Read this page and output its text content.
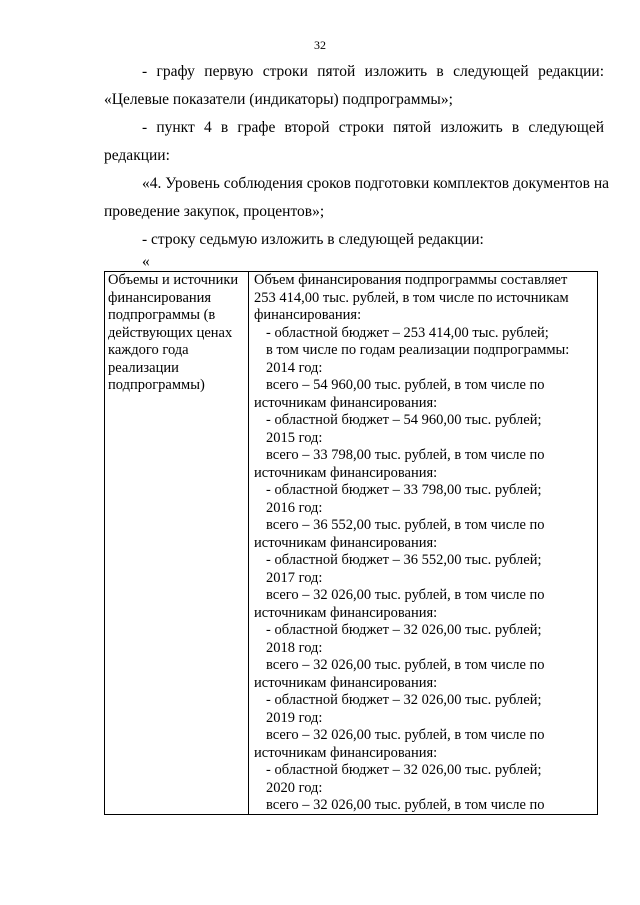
32
- графу первую строки пятой изложить в следующей редакции:
«Целевые показатели (индикаторы) подпрограммы»;
- пункт 4 в графе второй строки пятой изложить в следующей
редакции:
«4. Уровень соблюдения сроков подготовки комплектов документов на
проведение закупок, процентов»;
- строку седьмую изложить в следующей редакции:
«
Объемы и источники
финансирования
подпрограммы (в
действующих ценах
каждого года
реализации
подпрограммы)
Объем финансирования подпрограммы составляет
253 414,00 тыс. рублей, в том числе по источникам
финансирования:
- областной бюджет – 253 414,00 тыс. рублей;
в том числе по годам реализации подпрограммы:
2014 год:
всего – 54 960,00 тыс. рублей, в том числе по
источникам финансирования:
- областной бюджет – 54 960,00 тыс. рублей;
2015 год:
всего – 33 798,00 тыс. рублей, в том числе по
источникам финансирования:
- областной бюджет – 33 798,00 тыс. рублей;
2016 год:
всего – 36 552,00 тыс. рублей, в том числе по
источникам финансирования:
- областной бюджет – 36 552,00 тыс. рублей;
2017 год:
всего – 32 026,00 тыс. рублей, в том числе по
источникам финансирования:
- областной бюджет – 32 026,00 тыс. рублей;
2018 год:
всего – 32 026,00 тыс. рублей, в том числе по
источникам финансирования:
- областной бюджет – 32 026,00 тыс. рублей;
2019 год:
всего – 32 026,00 тыс. рублей, в том числе по
источникам финансирования:
- областной бюджет – 32 026,00 тыс. рублей;
2020 год:
всего – 32 026,00 тыс. рублей, в том числе по
